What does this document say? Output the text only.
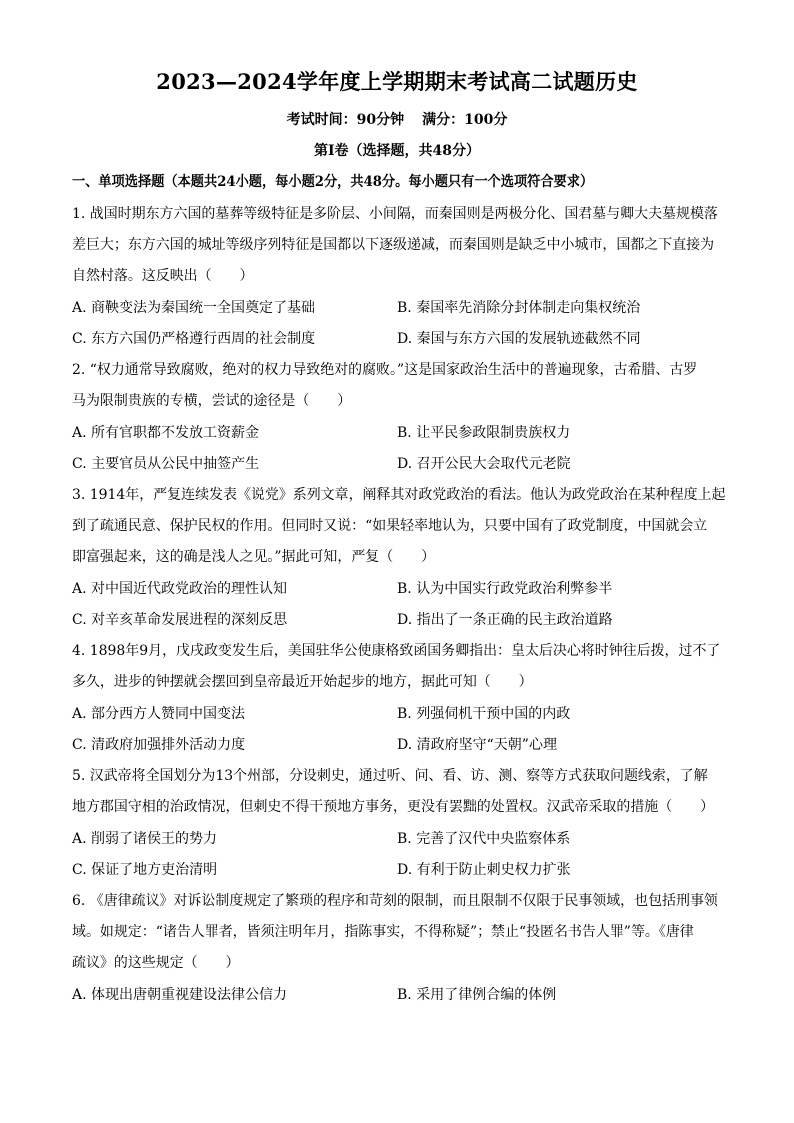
2023—2024学年度上学期期末考试高二试题历史
考试时间：90分钟 满分：100分
第Ⅰ卷（选择题，共48分）
一、单项选择题（本题共24小题，每小题2分，共48分。每小题只有一个选项符合要求）
1. 战国时期东方六国的墓葬等级特征是多阶层、小间隔，而秦国则是两极分化、国君墓与卿大夫墓规模落
差巨大；东方六国的城址等级序列特征是国都以下逐级递减，而秦国则是缺乏中小城市，国都之下直接为
自然村落。这反映出（　　）
A. 商鞅变法为秦国统一全国奠定了基础	B. 秦国率先消除分封体制走向集权统治
C. 东方六国仍严格遵行西周的社会制度	D. 秦国与东方六国的发展轨迹截然不同
2. “权力通常导致腐败，绝对的权力导致绝对的腐败。”这是国家政治生活中的普遍现象，古希腊、古罗
马为限制贵族的专横，尝试的途径是（　　）
A. 所有官职都不发放工资薪金	B. 让平民参政限制贵族权力
C. 主要官员从公民中抽签产生	D. 召开公民大会取代元老院
3. 1914年，严复连续发表《说党》系列文章，阐释其对政党政治的看法。他认为政党政治在某种程度上起
到了疏通民意、保护民权的作用。但同时又说：“如果轻率地认为，只要中国有了政党制度，中国就会立
即富强起来，这的确是浅人之见。”据此可知，严复（　　）
A. 对中国近代政党政治的理性认知	B. 认为中国实行政党政治利弊参半
C. 对辛亥革命发展进程的深刻反思	D. 指出了一条正确的民主政治道路
4. 1898年9月，戊戌政变发生后，美国驻华公使康格致函国务卿指出：皇太后决心将时钟往后拨，过不了
多久，进步的钟摆就会摆回到皇帝最近开始起步的地方，据此可知（　　）
A. 部分西方人赞同中国变法	B. 列强伺机干预中国的内政
C. 清政府加强排外活动力度	D. 清政府坚守“天朝”心理
5. 汉武帝将全国划分为13个州部，分设刺史，通过听、问、看、访、测、察等方式获取问题线索，了解
地方郡国守相的治政情况，但刺史不得干预地方事务，更没有罢黜的处置权。汉武帝采取的措施（　　）
A. 削弱了诸侯王的势力	B. 完善了汉代中央监察体系
C. 保证了地方吏治清明	D. 有利于防止刺史权力扩张
6. 《唐律疏议》对诉讼制度规定了繁琐的程序和苛刻的限制，而且限制不仅限于民事领域，也包括刑事领
域。如规定：“诸告人罪者，皆须注明年月，指陈事实，不得称疑”；禁止“投匿名书告人罪”等。《唐律
疏议》的这些规定（　　）
A. 体现出唐朝重视建设法律公信力	B. 采用了律例合编的体例
